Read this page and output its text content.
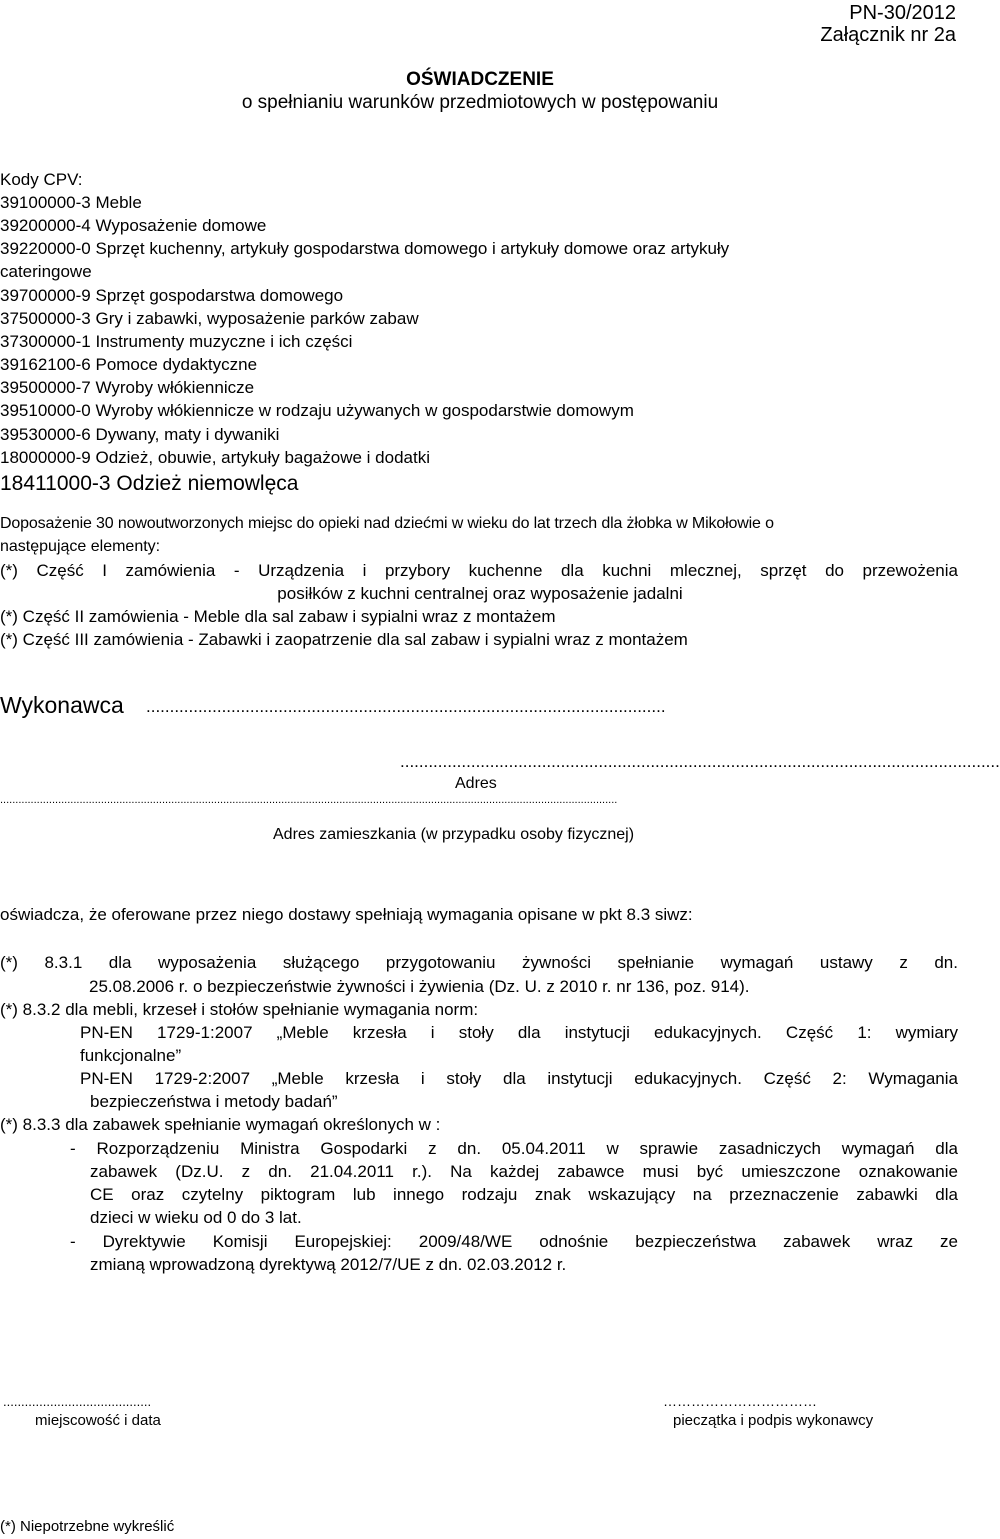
PN-30/2012
Załącznik nr 2a
OŚWIADCZENIE
o spełnianiu warunków przedmiotowych w postępowaniu
Kody CPV:
39100000-3 Meble
39200000-4 Wyposażenie domowe
39220000-0 Sprzęt kuchenny, artykuły gospodarstwa domowego i artykuły domowe oraz artykuły
cateringowe
39700000-9 Sprzęt gospodarstwa domowego
37500000-3 Gry i zabawki, wyposażenie parków zabaw
37300000-1 Instrumenty muzyczne i ich części
39162100-6 Pomoce dydaktyczne
39500000-7 Wyroby włókiennicze
39510000-0 Wyroby włókiennicze w rodzaju używanych w gospodarstwie domowym
39530000-6 Dywany, maty i dywaniki
18000000-9 Odzież, obuwie, artykuły bagażowe i dodatki
18411000-3 Odzież niemowlęca
Doposażenie 30 nowoutworzonych miejsc do opieki nad dziećmi w wieku do lat trzech dla żłobka w Mikołowie o
następujące elementy:
(*) Część I zamówienia - Urządzenia i przybory kuchenne dla kuchni mlecznej, sprzęt do przewożenia
posiłków z kuchni centralnej oraz wyposażenie jadalni
(*) Część II zamówienia - Meble dla sal zabaw i sypialni wraz z montażem
(*) Część III zamówienia - Zabawki i zaopatrzenie dla sal zabaw i sypialni wraz z montażem
Wykonawca ..............................................................................................................
...............................................................................................................................
Adres
..........................................................................................................................................................................................................
Adres zamieszkania (w przypadku osoby fizycznej)
oświadcza, że oferowane przez niego dostawy spełniają wymagania opisane w pkt 8.3 siwz:
(*) 8.3.1 dla wyposażenia służącego przygotowaniu żywności spełnianie wymagań ustawy z dn.
25.08.2006 r. o bezpieczeństwie żywności i żywienia (Dz. U. z 2010 r. nr 136, poz. 914).
(*) 8.3.2 dla mebli, krzeseł i stołów spełnianie wymagania norm:
PN-EN 1729-1:2007 „Meble krzesła i stoły dla instytucji edukacyjnych. Część 1: wymiary
funkcjonalne”
PN-EN 1729-2:2007 „Meble krzesła i stoły dla instytucji edukacyjnych. Część 2: Wymagania
bezpieczeństwa i metody badań”
(*) 8.3.3 dla zabawek spełnianie wymagań określonych w :
- Rozporządzeniu Ministra Gospodarki z dn. 05.04.2011 w sprawie zasadniczych wymagań dla
zabawek (Dz.U. z dn. 21.04.2011 r.). Na każdej zabawce musi być umieszczone oznakowanie
CE oraz czytelny piktogram lub innego rodzaju znak wskazujący na przeznaczenie zabawki dla
dzieci w wieku od 0 do 3 lat.
- Dyrektywie Komisji Europejskiej: 2009/48/WE odnośnie bezpieczeństwa zabawek wraz ze
zmianą wprowadzoną dyrektywą 2012/7/UE z dn. 02.03.2012 r.
.........................................
miejscowość i data
……………………………
pieczątka i podpis wykonawcy
(*) Niepotrzebne wykreślić
